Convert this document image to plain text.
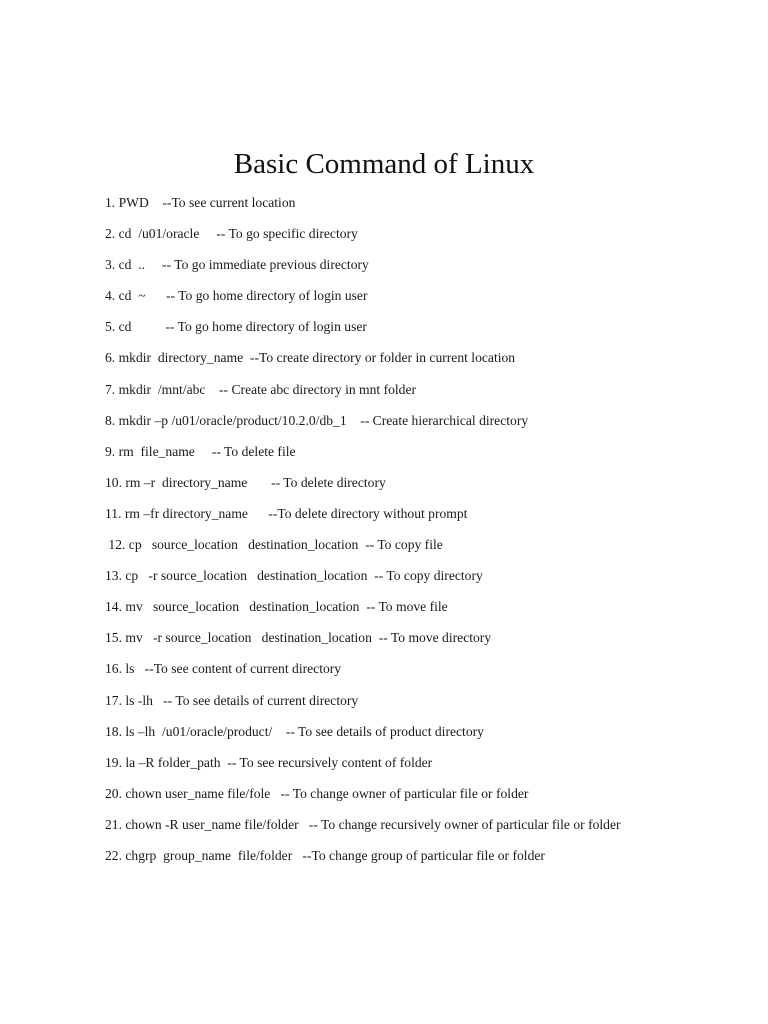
Basic Command of Linux
1. PWD    --To see current location
2. cd  /u01/oracle     -- To go specific directory
3. cd  ..     -- To go immediate previous directory
4. cd  ~      -- To go home directory of login user
5. cd          -- To go home directory of login user
6. mkdir  directory_name  --To create directory or folder in current location
7. mkdir  /mnt/abc    -- Create abc directory in mnt folder
8. mkdir –p /u01/oracle/product/10.2.0/db_1    -- Create hierarchical directory
9. rm  file_name     -- To delete file
10. rm –r  directory_name       -- To delete directory
11. rm –fr directory_name      --To delete directory without prompt
12. cp   source_location   destination_location  -- To copy file
13. cp   -r source_location   destination_location  -- To copy directory
14. mv   source_location   destination_location  -- To move file
15. mv   -r source_location   destination_location  -- To move directory
16. ls   --To see content of current directory
17. ls -lh   -- To see details of current directory
18. ls –lh  /u01/oracle/product/    -- To see details of product directory
19. la –R folder_path  -- To see recursively content of folder
20. chown user_name file/fole   -- To change owner of particular file or folder
21. chown -R user_name file/folder   -- To change recursively owner of particular file or folder
22. chgrp  group_name  file/folder   --To change group of particular file or folder
